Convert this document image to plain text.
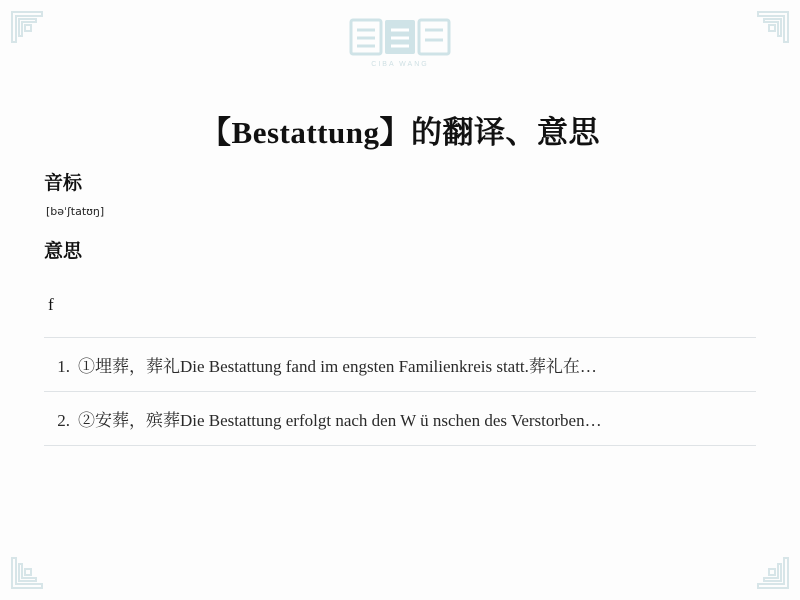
CIBA WANG
【Bestattung】的翻译、意思
音标
[bəˈʃtatʊŋ]
意思
f
1. ①埋葬，葬礼Die Bestattung fand im engsten Familienkreis statt.葬礼在…
2. ②安葬，殡葬Die Bestattung erfolgt nach den W ü nschen des Verstorben…
